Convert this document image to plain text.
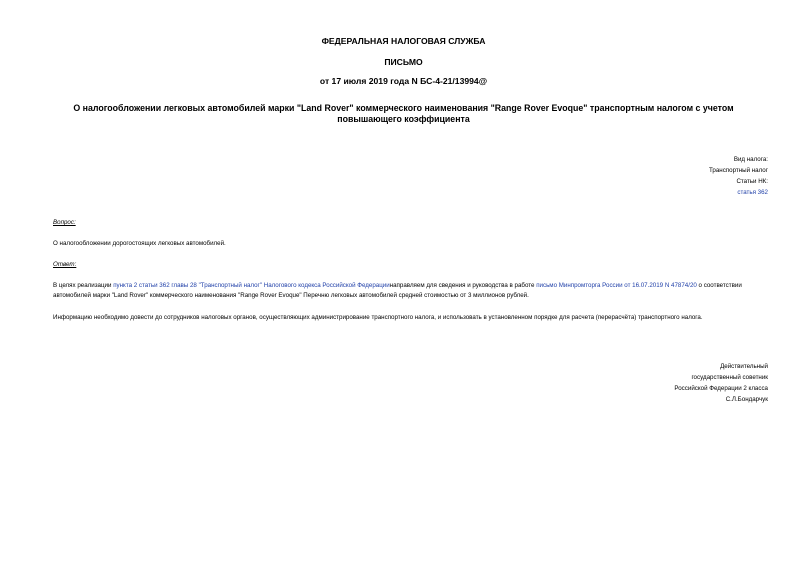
ФЕДЕРАЛЬНАЯ НАЛОГОВАЯ СЛУЖБА
ПИСЬМО
от 17 июля 2019 года N БС-4-21/13994@
О налогообложении легковых автомобилей марки "Land Rover" коммерческого наименования "Range Rover Evoque" транспортным налогом с учетом повышающего коэффициента
Вид налога:
Транспортный налог
Статьи НК:
статья 362
Вопрос:
О налогообложении дорогостоящих легковых автомобилей.
Ответ:
В целях реализации пункта 2 статьи 362 главы 28 "Транспортный налог" Налогового кодекса Российской Федерациинаправляем для сведения и руководства в работе письмо Минпромторга России от 16.07.2019 N 47874/20 о соответствии автомобилей марки "Land Rover" коммерческого наименования "Range Rover Evoque" Перечню легковых автомобилей средней стоимостью от 3 миллионов рублей.
Информацию необходимо довести до сотрудников налоговых органов, осуществляющих администрирование транспортного налога, и использовать в установленном порядке для расчета (перерасчёта) транспортного налога.
Действительный
государственный советник
Российской Федерации 2 класса
С.Л.Бондарчук
